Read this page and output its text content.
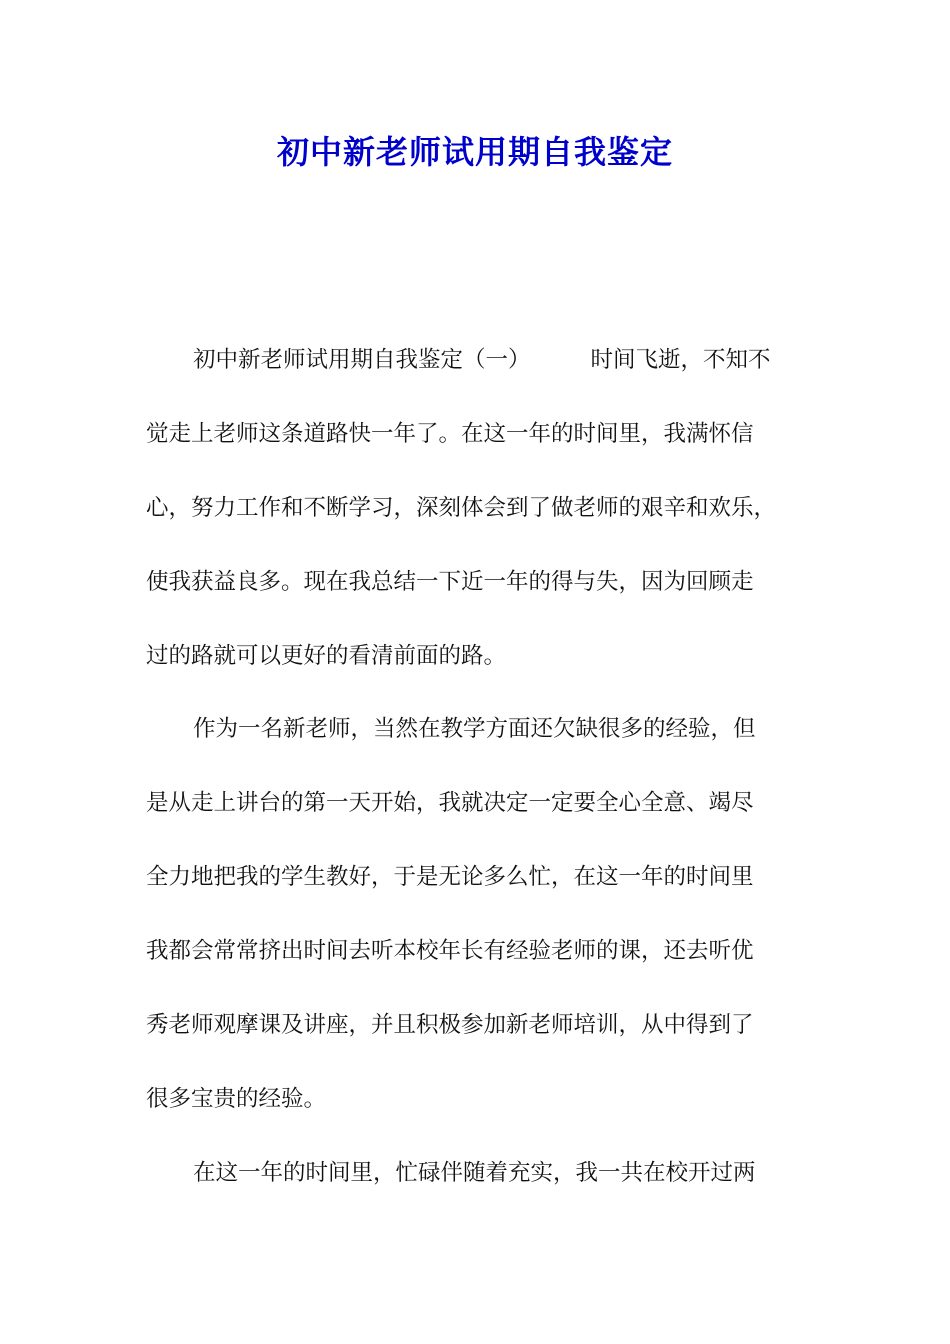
初中新老师试用期自我鉴定
初中新老师试用期自我鉴定（一）	时间飞逝，不知不
觉走上老师这条道路快一年了。在这一年的时间里，我满怀信
心，努力工作和不断学习，深刻体会到了做老师的艰辛和欢乐，
使我获益良多。现在我总结一下近一年的得与失，因为回顾走
过的路就可以更好的看清前面的路。
作为一名新老师，当然在教学方面还欠缺很多的经验，但
是从走上讲台的第一天开始，我就决定一定要全心全意、竭尽
全力地把我的学生教好，于是无论多么忙，在这一年的时间里
我都会常常挤出时间去听本校年长有经验老师的课，还去听优
秀老师观摩课及讲座，并且积极参加新老师培训，从中得到了
很多宝贵的经验。
在这一年的时间里，忙碌伴随着充实，我一共在校开过两
